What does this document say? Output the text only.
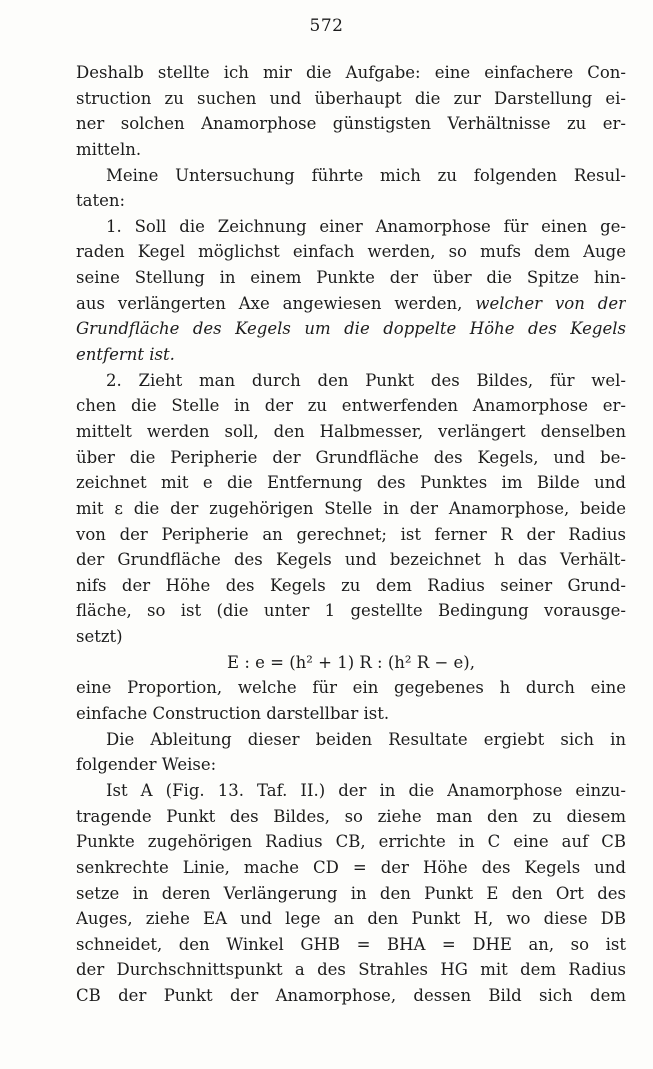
572
Deshalb stellte ich mir die Aufgabe: eine einfachere Con-
struction zu suchen und überhaupt die zur Darstellung ei-
ner solchen Anamorphose günstigsten Verhältnisse zu er-
mitteln.
Meine Untersuchung führte mich zu folgenden Resul-
taten:
1. Soll die Zeichnung einer Anamorphose für einen ge-
raden Kegel möglichst einfach werden, so mufs dem Auge
seine Stellung in einem Punkte der über die Spitze hin-
aus verlängerten Axe angewiesen werden, welcher von der
Grundfläche des Kegels um die doppelte Höhe des Kegels
entfernt ist.
2. Zieht man durch den Punkt des Bildes, für wel-
chen die Stelle in der zu entwerfenden Anamorphose er-
mittelt werden soll, den Halbmesser, verlängert denselben
über die Peripherie der Grundfläche des Kegels, und be-
zeichnet mit e die Entfernung des Punktes im Bilde und
mit ε die der zugehörigen Stelle in der Anamorphose, beide
von der Peripherie an gerechnet; ist ferner R der Radius
der Grundfläche des Kegels und bezeichnet h das Verhält-
nifs der Höhe des Kegels zu dem Radius seiner Grund-
fläche, so ist (die unter 1 gestellte Bedingung vorausge-
setzt)
E : e = (h² + 1) R : (h² R − e),
eine Proportion, welche für ein gegebenes h durch eine
einfache Construction darstellbar ist.
Die Ableitung dieser beiden Resultate ergiebt sich in
folgender Weise:
Ist A (Fig. 13. Taf. II.) der in die Anamorphose einzu-
tragende Punkt des Bildes, so ziehe man den zu diesem
Punkte zugehörigen Radius CB, errichte in C eine auf CB
senkrechte Linie, mache CD = der Höhe des Kegels und
setze in deren Verlängerung in den Punkt E den Ort des
Auges, ziehe EA und lege an den Punkt H, wo diese DB
schneidet, den Winkel GHB = BHA = DHE an, so ist
der Durchschnittspunkt a des Strahles HG mit dem Radius
CB der Punkt der Anamorphose, dessen Bild sich dem
